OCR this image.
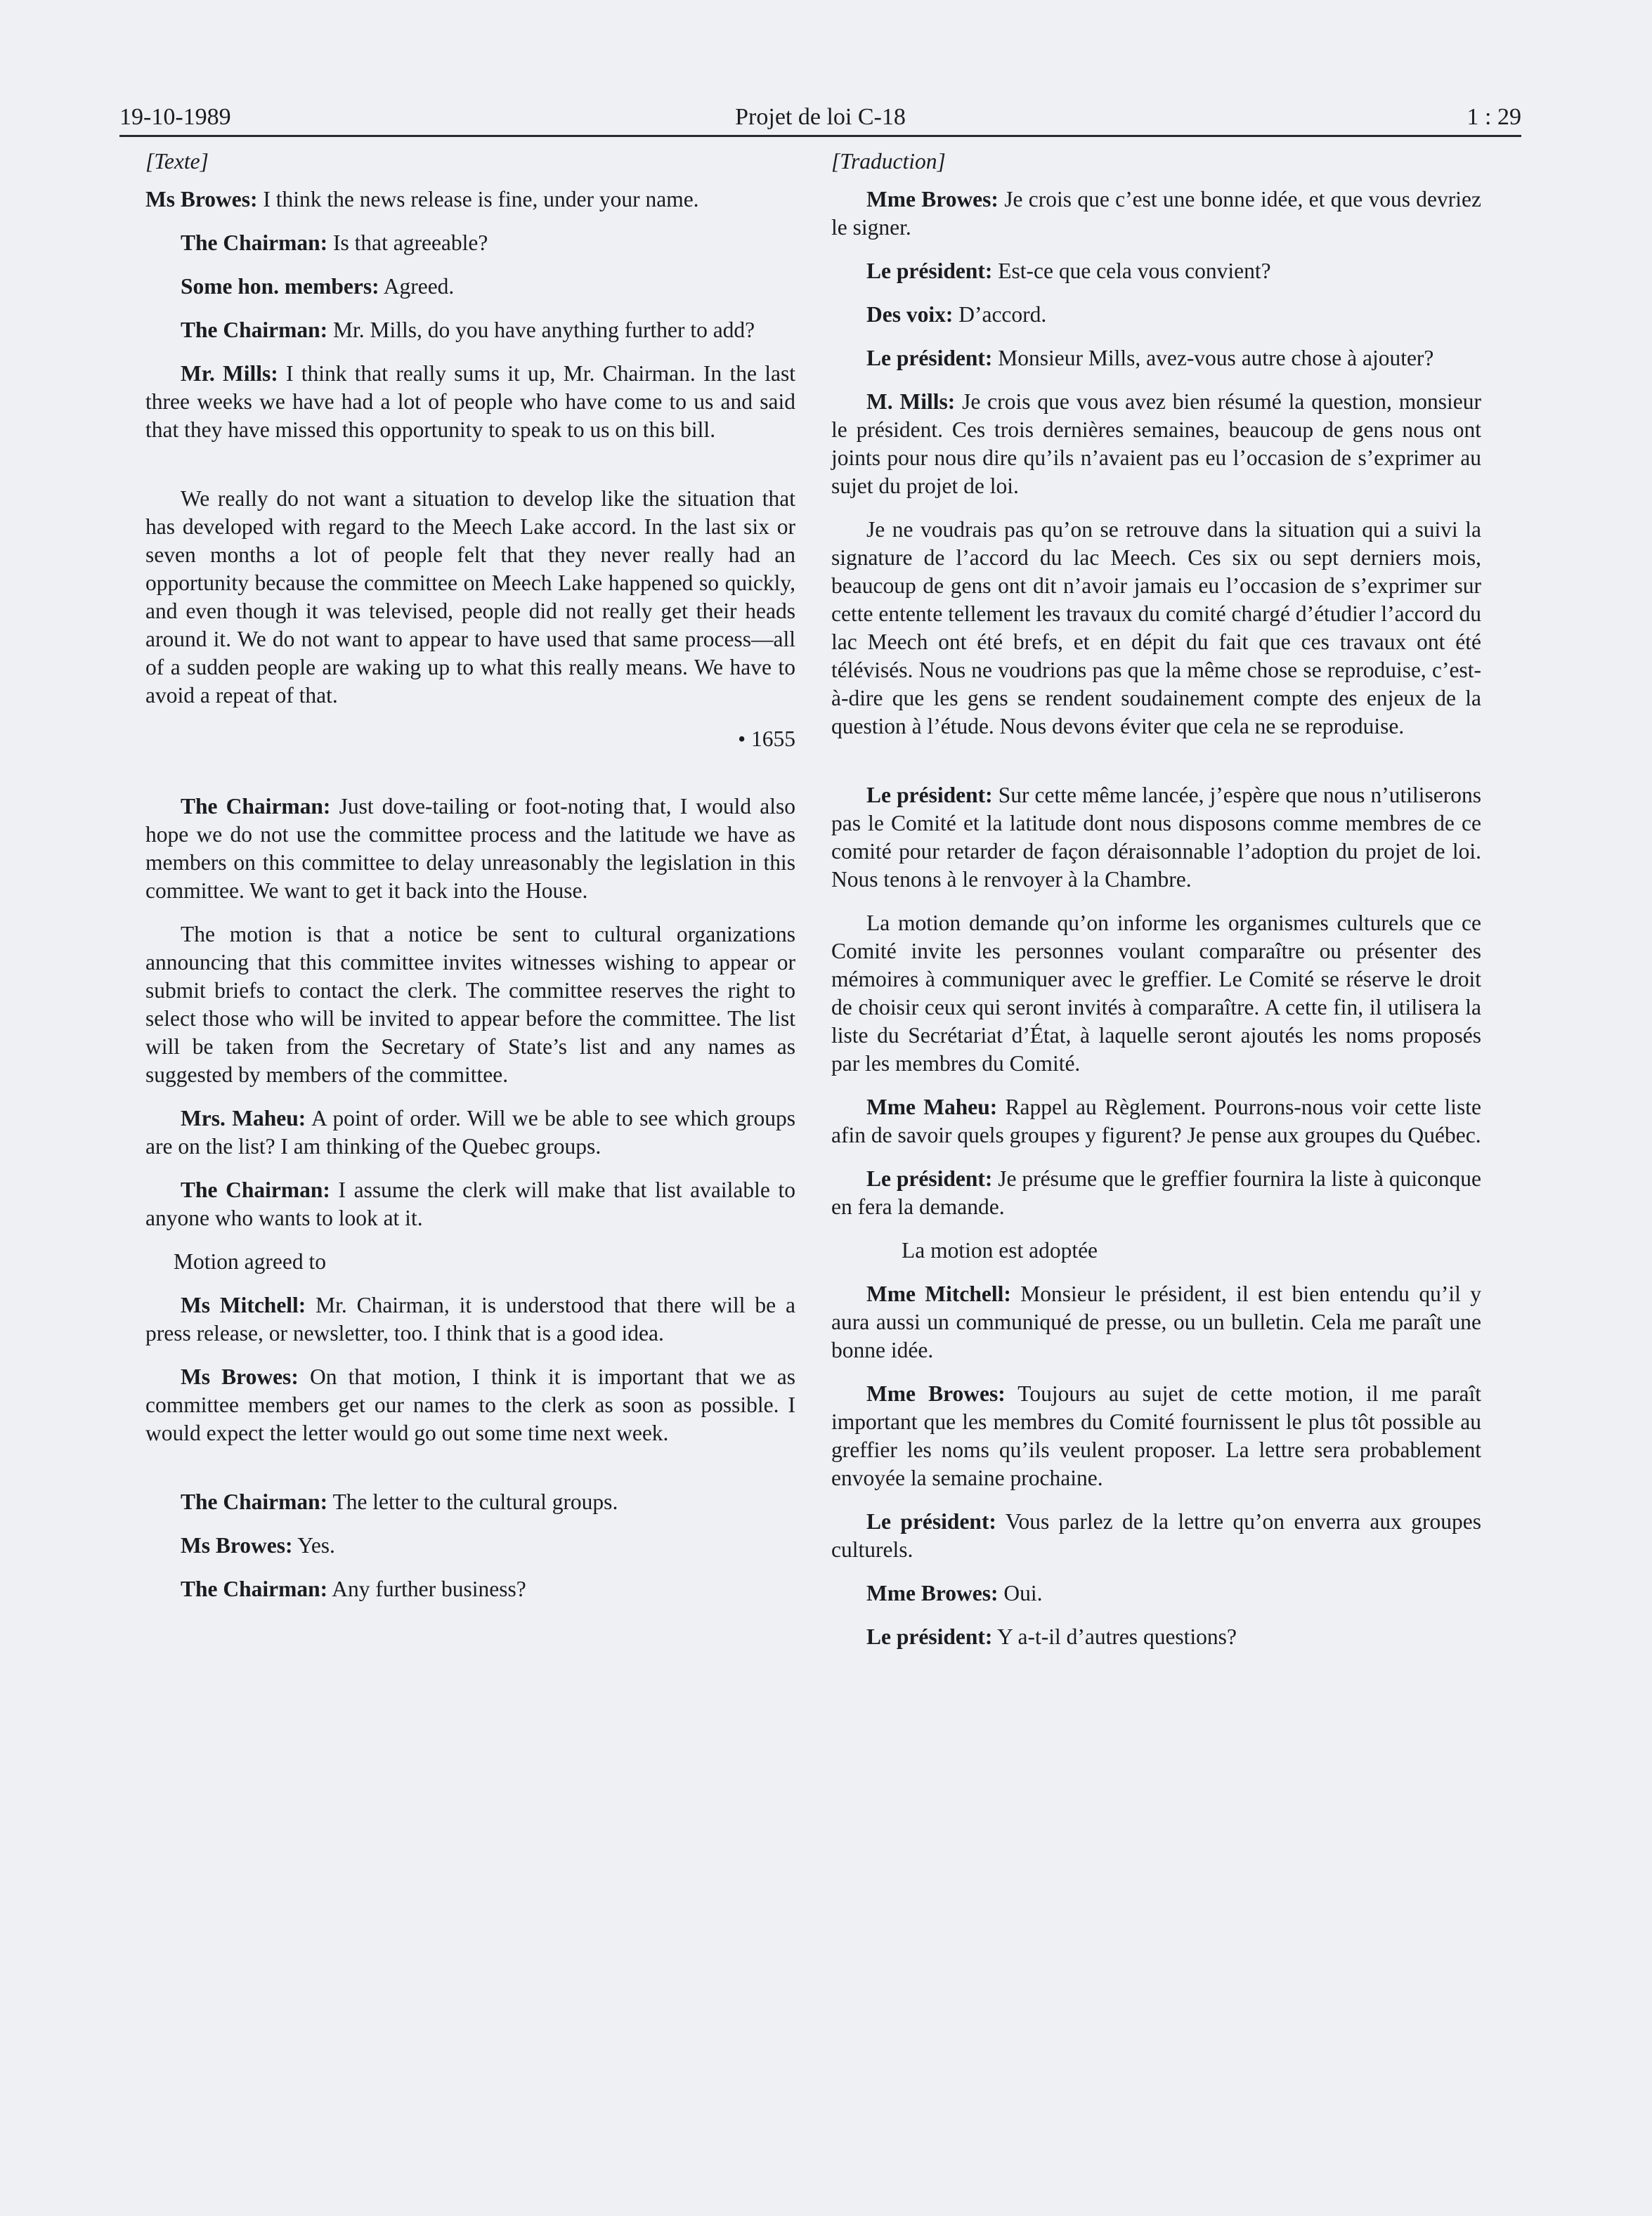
19-10-1989	Projet de loi C-18	1 : 29
[Texte]

Ms Browes: I think the news release is fine, under your name.

The Chairman: Is that agreeable?

Some hon. members: Agreed.

The Chairman: Mr. Mills, do you have anything further to add?

Mr. Mills: I think that really sums it up, Mr. Chairman. In the last three weeks we have had a lot of people who have come to us and said that they have missed this opportunity to speak to us on this bill.

We really do not want a situation to develop like the situation that has developed with regard to the Meech Lake accord. In the last six or seven months a lot of people felt that they never really had an opportunity because the committee on Meech Lake happened so quickly, and even though it was televised, people did not really get their heads around it. We do not want to appear to have used that same process—all of a sudden people are waking up to what this really means. We have to avoid a repeat of that.

• 1655

The Chairman: Just dove-tailing or foot-noting that, I would also hope we do not use the committee process and the latitude we have as members on this committee to delay unreasonably the legislation in this committee. We want to get it back into the House.

The motion is that a notice be sent to cultural organizations announcing that this committee invites witnesses wishing to appear or submit briefs to contact the clerk. The committee reserves the right to select those who will be invited to appear before the committee. The list will be taken from the Secretary of State’s list and any names as suggested by members of the committee.

Mrs. Maheu: A point of order. Will we be able to see which groups are on the list? I am thinking of the Quebec groups.

The Chairman: I assume the clerk will make that list available to anyone who wants to look at it.

Motion agreed to

Ms Mitchell: Mr. Chairman, it is understood that there will be a press release, or newsletter, too. I think that is a good idea.

Ms Browes: On that motion, I think it is important that we as committee members get our names to the clerk as soon as possible. I would expect the letter would go out some time next week.

The Chairman: The letter to the cultural groups.

Ms Browes: Yes.

The Chairman: Any further business?

[Traduction]

Mme Browes: Je crois que c’est une bonne idée, et que vous devriez le signer.

Le président: Est-ce que cela vous convient?

Des voix: D’accord.

Le président: Monsieur Mills, avez-vous autre chose à ajouter?

M. Mills: Je crois que vous avez bien résumé la question, monsieur le président. Ces trois dernières semaines, beaucoup de gens nous ont joints pour nous dire qu’ils n’avaient pas eu l’occasion de s’exprimer au sujet du projet de loi.

Je ne voudrais pas qu’on se retrouve dans la situation qui a suivi la signature de l’accord du lac Meech. Ces six ou sept derniers mois, beaucoup de gens ont dit n’avoir jamais eu l’occasion de s’exprimer sur cette entente tellement les travaux du comité chargé d’étudier l’accord du lac Meech ont été brefs, et en dépit du fait que ces travaux ont été télévisés. Nous ne voudrions pas que la même chose se reproduise, c’est-à-dire que les gens se rendent soudainement compte des enjeux de la question à l’étude. Nous devons éviter que cela ne se reproduise.

Le président: Sur cette même lancée, j’espère que nous n’utiliserons pas le Comité et la latitude dont nous disposons comme membres de ce comité pour retarder de façon déraisonnable l’adoption du projet de loi. Nous tenons à le renvoyer à la Chambre.

La motion demande qu’on informe les organismes culturels que ce Comité invite les personnes voulant comparaître ou présenter des mémoires à communiquer avec le greffier. Le Comité se réserve le droit de choisir ceux qui seront invités à comparaître. A cette fin, il utilisera la liste du Secrétariat d’État, à laquelle seront ajoutés les noms proposés par les membres du Comité.

Mme Maheu: Rappel au Règlement. Pourrons-nous voir cette liste afin de savoir quels groupes y figurent? Je pense aux groupes du Québec.

Le président: Je présume que le greffier fournira la liste à quiconque en fera la demande.

La motion est adoptée

Mme Mitchell: Monsieur le président, il est bien entendu qu’il y aura aussi un communiqué de presse, ou un bulletin. Cela me paraît une bonne idée.

Mme Browes: Toujours au sujet de cette motion, il me paraît important que les membres du Comité fournissent le plus tôt possible au greffier les noms qu’ils veulent proposer. La lettre sera probablement envoyée la semaine prochaine.

Le président: Vous parlez de la lettre qu’on enverra aux groupes culturels.

Mme Browes: Oui.

Le président: Y a-t-il d’autres questions?
